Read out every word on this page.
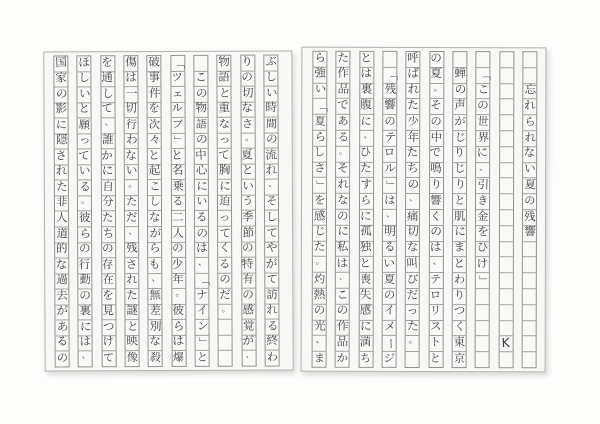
ぶ
し
い
時
間
の
流
れ
、
そ
し
て
や
が
て
訪
れ
る
終
わ
り
の
切
な
さ
。
夏
と
い
う
季
節
の
特
有
の
感
覚
が
、
物
語
と
重
な
っ
て
胸
に
迫
っ
て
く
る
の
だ
。
こ
の
物
語
の
中
心
に
い
る
の
は
、
「
ナ
イ
ン
」
と
「
ツ
ェ
ル
ブ
」
と
名
乗
る
二
人
の
少
年
。
彼
ら
は
爆
破
事
件
を
次
々
と
起
こ
し
な
が
ら
も
、
無
差
別
な
殺
傷
は
一
切
行
わ
な
い
。
た
だ
、
残
さ
れ
た
謎
と
映
像
を
通
し
て
、
誰
か
に
自
分
た
ち
の
存
在
を
見
つ
け
て
ほ
し
い
と
願
っ
て
い
る
。
彼
ら
の
行
動
の
裏
に
は
、
国
家
の
影
に
隠
さ
れ
た
非
人
道
的
な
過
去
が
あ
る
の
忘
れ
ら
れ
な
い
夏
の
残
響
K
「
こ
の
世
界
に
、
引
き
金
を
ひ
け
」
蝉
の
声
が
じ
り
じ
り
と
肌
に
ま
と
わ
り
つ
く
東
京
の
夏
。
そ
の
中
で
鳴
り
響
く
の
は
、
テ
ロ
リ
ス
ト
と
呼
ば
れ
た
少
年
た
ち
の
、
痛
切
な
叫
び
だ
っ
た
。
「
残
響
の
テ
ロ
ル
」
は
、
明
る
い
夏
の
イ
メ
ー
ジ
と
は
裏
腹
に
、
ひ
た
す
ら
に
孤
独
と
喪
失
感
に
満
ち
た
作
品
で
あ
る
。
そ
れ
な
の
に
私
は
、
こ
の
作
品
か
ら
強
い
「
夏
ら
し
さ
」
を
感
じ
た
。
灼
熱
の
光
、
ま
